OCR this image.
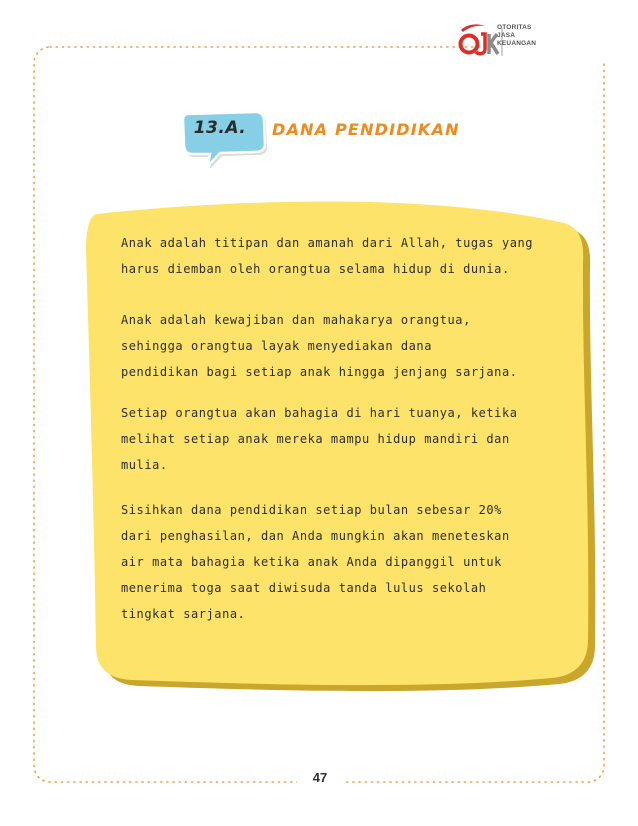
OTORITAS
JASA
KEUANGAN
13.A.	DANA PENDIDIKAN
Anak adalah titipan dan amanah dari Allah, tugas yang
harus diemban oleh orangtua selama hidup di dunia.
Anak adalah kewajiban dan mahakarya orangtua,
sehingga orangtua layak menyediakan dana
pendidikan bagi setiap anak hingga jenjang sarjana.
Setiap orangtua akan bahagia di hari tuanya, ketika
melihat setiap anak mereka mampu hidup mandiri dan
mulia.
Sisihkan dana pendidikan setiap bulan sebesar 20%
dari penghasilan, dan Anda mungkin akan meneteskan
air mata bahagia ketika anak Anda dipanggil untuk
menerima toga saat diwisuda tanda lulus sekolah
tingkat sarjana.
47
